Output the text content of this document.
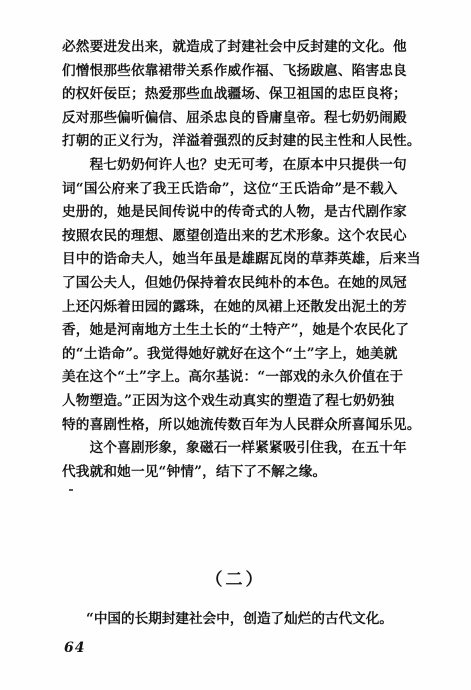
必然要进发出来，就造成了封建社会中反封建的文化。他
们憎恨那些依靠裙带关系作威作福、飞扬跋扈、陷害忠良
的权奸佞臣；热爱那些血战疆场、保卫祖国的忠臣良将；
反对那些偏听偏信、屈杀忠良的昏庸皇帝。程七奶奶闹殿
打朝的正义行为，洋溢着强烈的反封建的民主性和人民性。
　　程七奶奶何许人也？史无可考，在原本中只提供一句
词“国公府来了我王氏诰命”，这位“王氏诰命”是不载入
史册的，她是民间传说中的传奇式的人物，是古代剧作家
按照农民的理想、愿望创造出来的艺术形象。这个农民心
目中的诰命夫人，她当年虽是雄踞瓦岗的草莽英雄，后来当
了国公夫人，但她仍保持着农民纯朴的本色。在她的凤冠
上还闪烁着田园的露珠，在她的凤裙上还散发出泥土的芳
香，她是河南地方土生土长的“土特产”，她是个农民化了
的“土诰命”。我觉得她好就好在这个“土”字上，她美就
美在这个“土”字上。高尔基说：“一部戏的永久价值在于
人物塑造。”正因为这个戏生动真实的塑造了程七奶奶独
特的喜剧性格，所以她流传数百年为人民群众所喜闻乐见。
　　这个喜剧形象，象磁石一样紧紧吸引住我，在五十年
代我就和她一见“钟情”，结下了不解之缘。
（二）
“中国的长期封建社会中，创造了灿烂的古代文化。
64
